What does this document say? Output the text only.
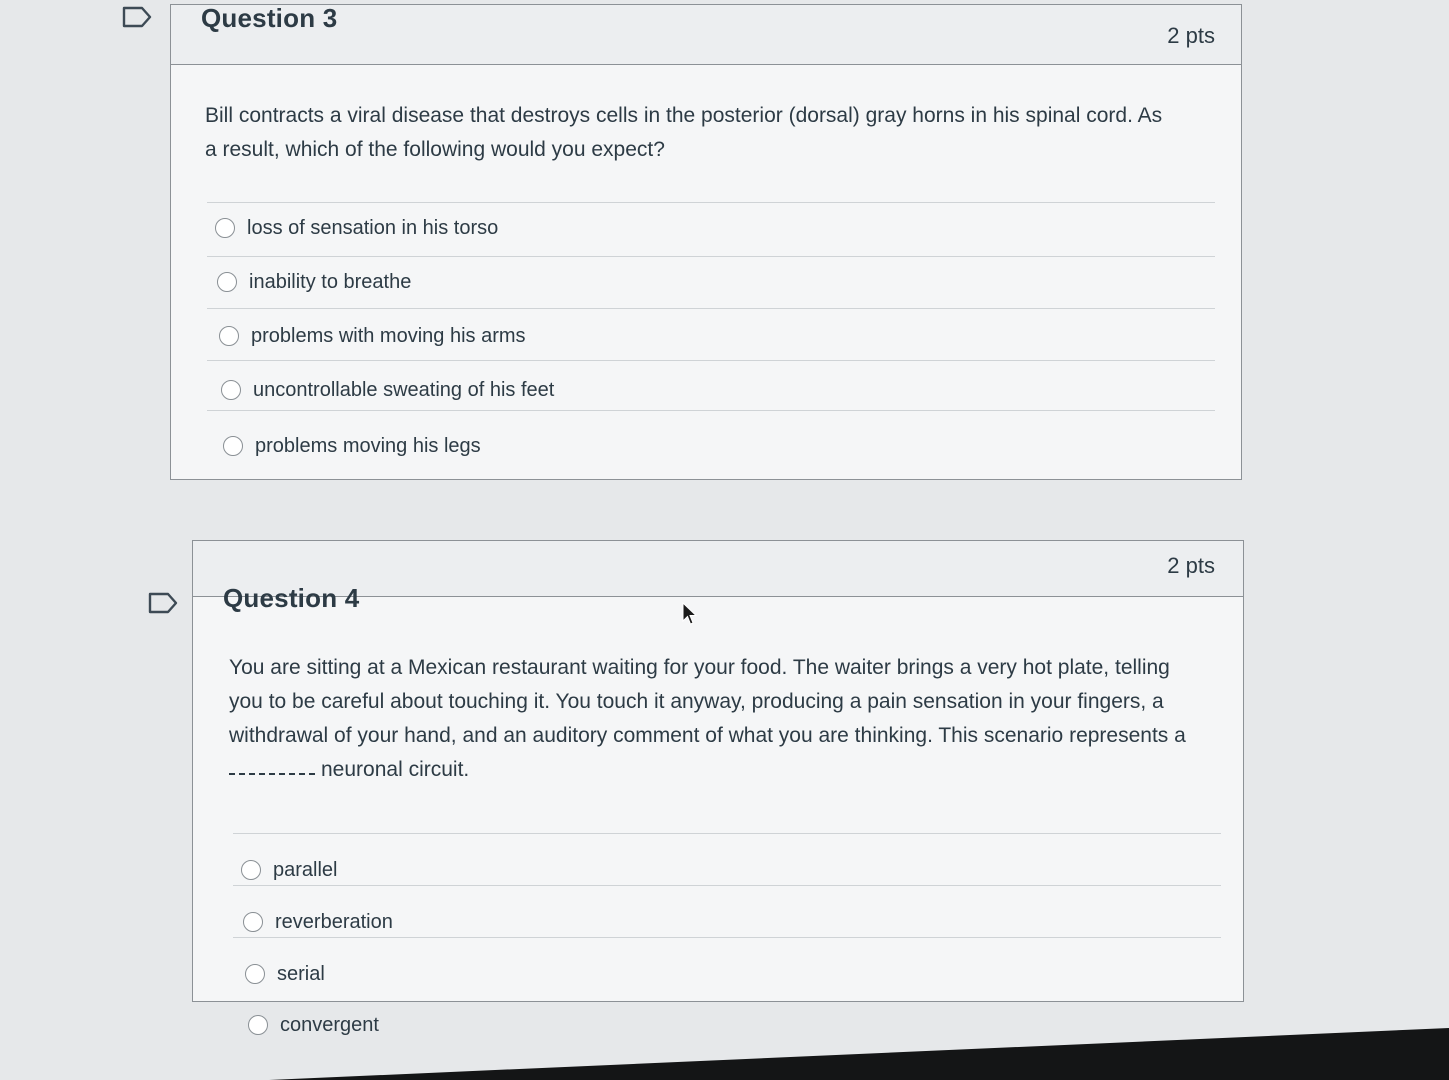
Question 3
2 pts

Bill contracts a viral disease that destroys cells in the posterior (dorsal) gray horns in his spinal cord. As

a result, which of the following would you expect?

loss of sensation in his torso
inability to breathe
problems with moving his arms
uncontrollable sweating of his feet
problems moving his legs
2 pts
Question 4

You are sitting at a Mexican restaurant waiting for your food. The waiter brings a very hot plate, telling

you to be careful about touching it. You touch it anyway, producing a pain sensation in your fingers, a

withdrawal of your hand, and an auditory comment of what you are thinking. This scenario represents a

neuronal circuit.

parallel
reverberation
serial
convergent
